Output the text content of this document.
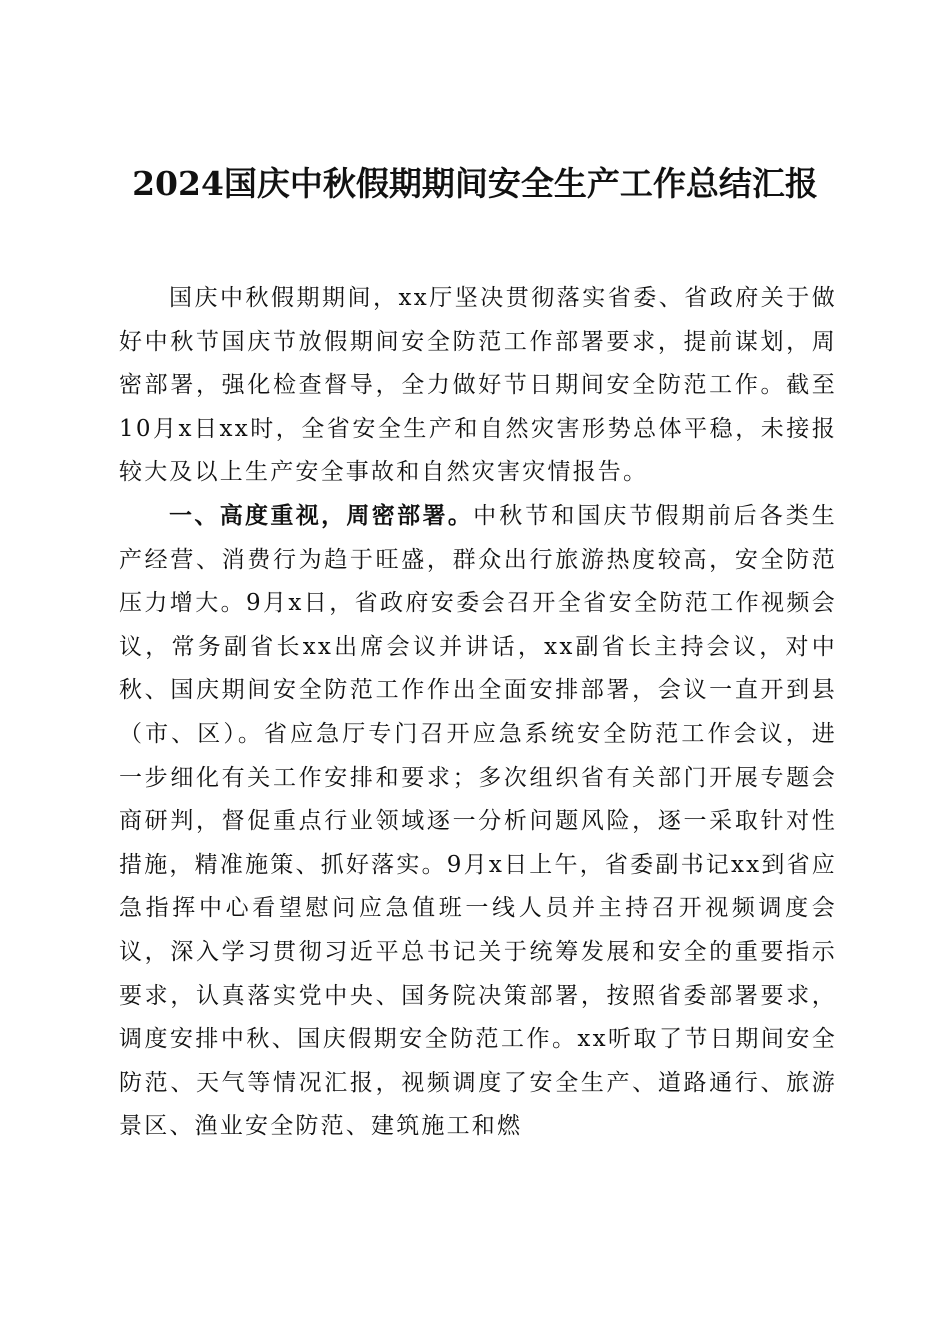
2024国庆中秋假期期间安全生产工作总结汇报

国庆中秋假期期间，xx厅坚决贯彻落实省委、省政府关于做好中秋节国庆节放假期间安全防范工作部署要求，提前谋划，周密部署，强化检查督导，全力做好节日期间安全防范工作。截至10月x日xx时，全省安全生产和自然灾害形势总体平稳，未接报较大及以上生产安全事故和自然灾害灾情报告。

一、高度重视，周密部署。中秋节和国庆节假期前后各类生产经营、消费行为趋于旺盛，群众出行旅游热度较高，安全防范压力增大。9月x日，省政府安委会召开全省安全防范工作视频会议，常务副省长xx出席会议并讲话，xx副省长主持会议，对中秋、国庆期间安全防范工作作出全面安排部署，会议一直开到县（市、区）。省应急厅专门召开应急系统安全防范工作会议，进一步细化有关工作安排和要求；多次组织省有关部门开展专题会商研判，督促重点行业领域逐一分析问题风险，逐一采取针对性措施，精准施策、抓好落实。9月x日上午，省委副书记xx到省应急指挥中心看望慰问应急值班一线人员并主持召开视频调度会议，深入学习贯彻习近平总书记关于统筹发展和安全的重要指示要求，认真落实党中央、国务院决策部署，按照省委部署要求，调度安排中秋、国庆假期安全防范工作。xx听取了节日期间安全防范、天气等情况汇报，视频调度了安全生产、道路通行、旅游景区、渔业安全防范、建筑施工和燃
